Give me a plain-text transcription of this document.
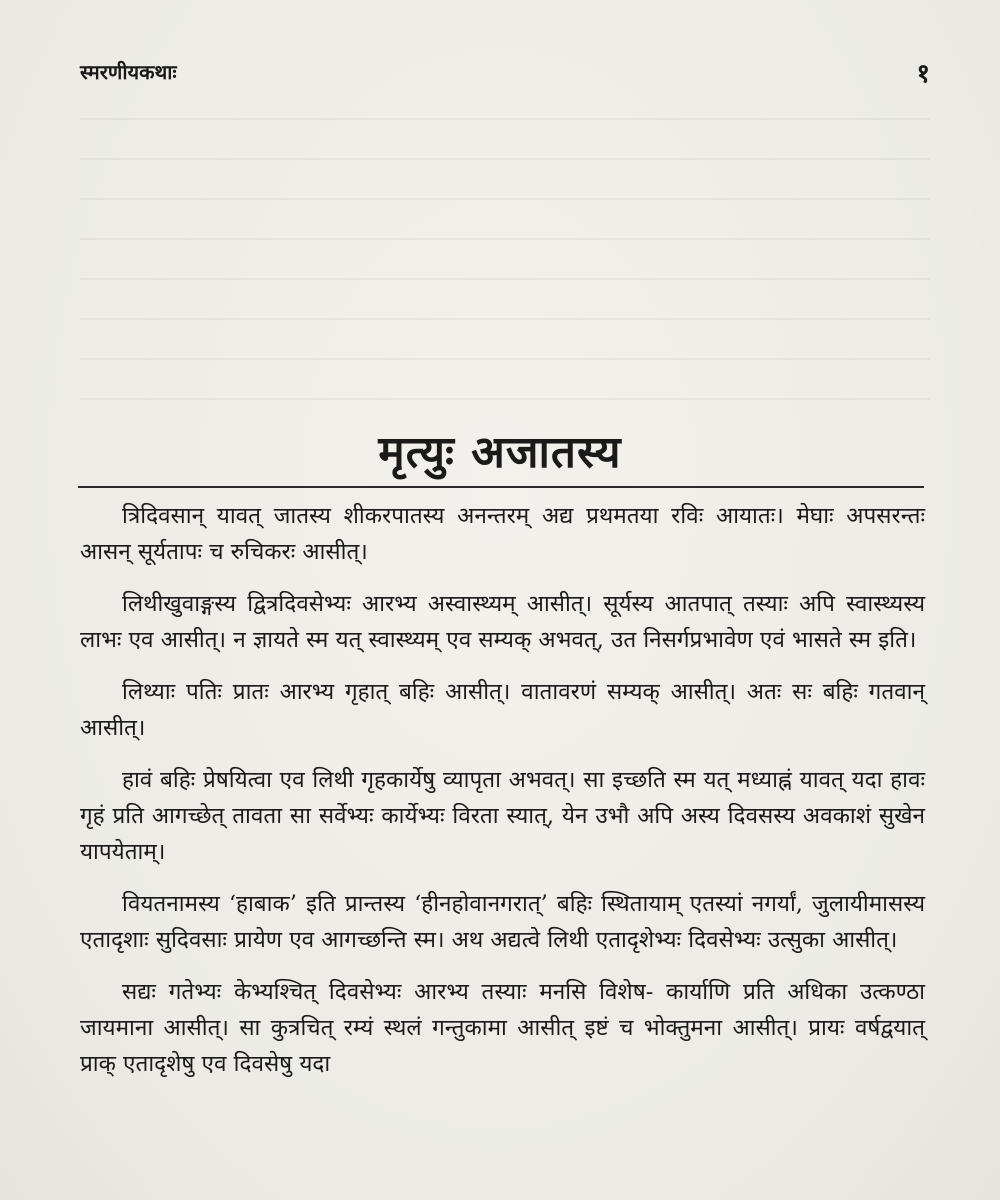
स्मरणीयकथाः	१
मृत्युः अजातस्य

त्रिदिवसान् यावत् जातस्य शीकरपातस्य अनन्तरम् अद्य प्रथमतया रविः आयातः। मेघाः अपसरन्तः आसन् सूर्यतापः च रुचिकरः आसीत्।

लिथीखुवाङ्गस्य द्वित्रदिवसेभ्यः आरभ्य अस्वास्थ्यम् आसीत्। सूर्यस्य आतपात् तस्याः अपि स्वास्थ्यस्य लाभः एव आसीत्। न ज्ञायते स्म यत् स्वास्थ्यम् एव सम्यक् अभवत्, उत निसर्गप्रभावेण एवं भासते स्म इति।

लिथ्याः पतिः प्रातः आरभ्य गृहात् बहिः आसीत्। वातावरणं सम्यक् आसीत्। अतः सः बहिः गतवान् आसीत्।

हावं बहिः प्रेषयित्वा एव लिथी गृहकार्येषु व्यापृता अभवत्। सा इच्छति स्म यत् मध्याह्नं यावत् यदा हावः गृहं प्रति आगच्छेत् तावता सा सर्वेभ्यः कार्येभ्यः विरता स्यात्, येन उभौ अपि अस्य दिवसस्य अवकाशं सुखेन यापयेताम्।

वियतनामस्य ‘हाबाक’ इति प्रान्तस्य ‘हीनहोवानगरात्’ बहिः स्थितायाम् एतस्यां नगर्यां, जुलायीमासस्य एतादृशाः सुदिवसाः प्रायेण एव आगच्छन्ति स्म। अथ अद्यत्वे लिथी एतादृशेभ्यः दिवसेभ्यः उत्सुका आसीत्।

सद्यः गतेभ्यः केभ्यश्चित् दिवसेभ्यः आरभ्य तस्याः मनसि विशेष- कार्याणि प्रति अधिका उत्कण्ठा जायमाना आसीत्। सा कुत्रचित् रम्यं स्थलं गन्तुकामा आसीत् इष्टं च भोक्तुमना आसीत्। प्रायः वर्षद्वयात् प्राक् एतादृशेषु एव दिवसेषु यदा
